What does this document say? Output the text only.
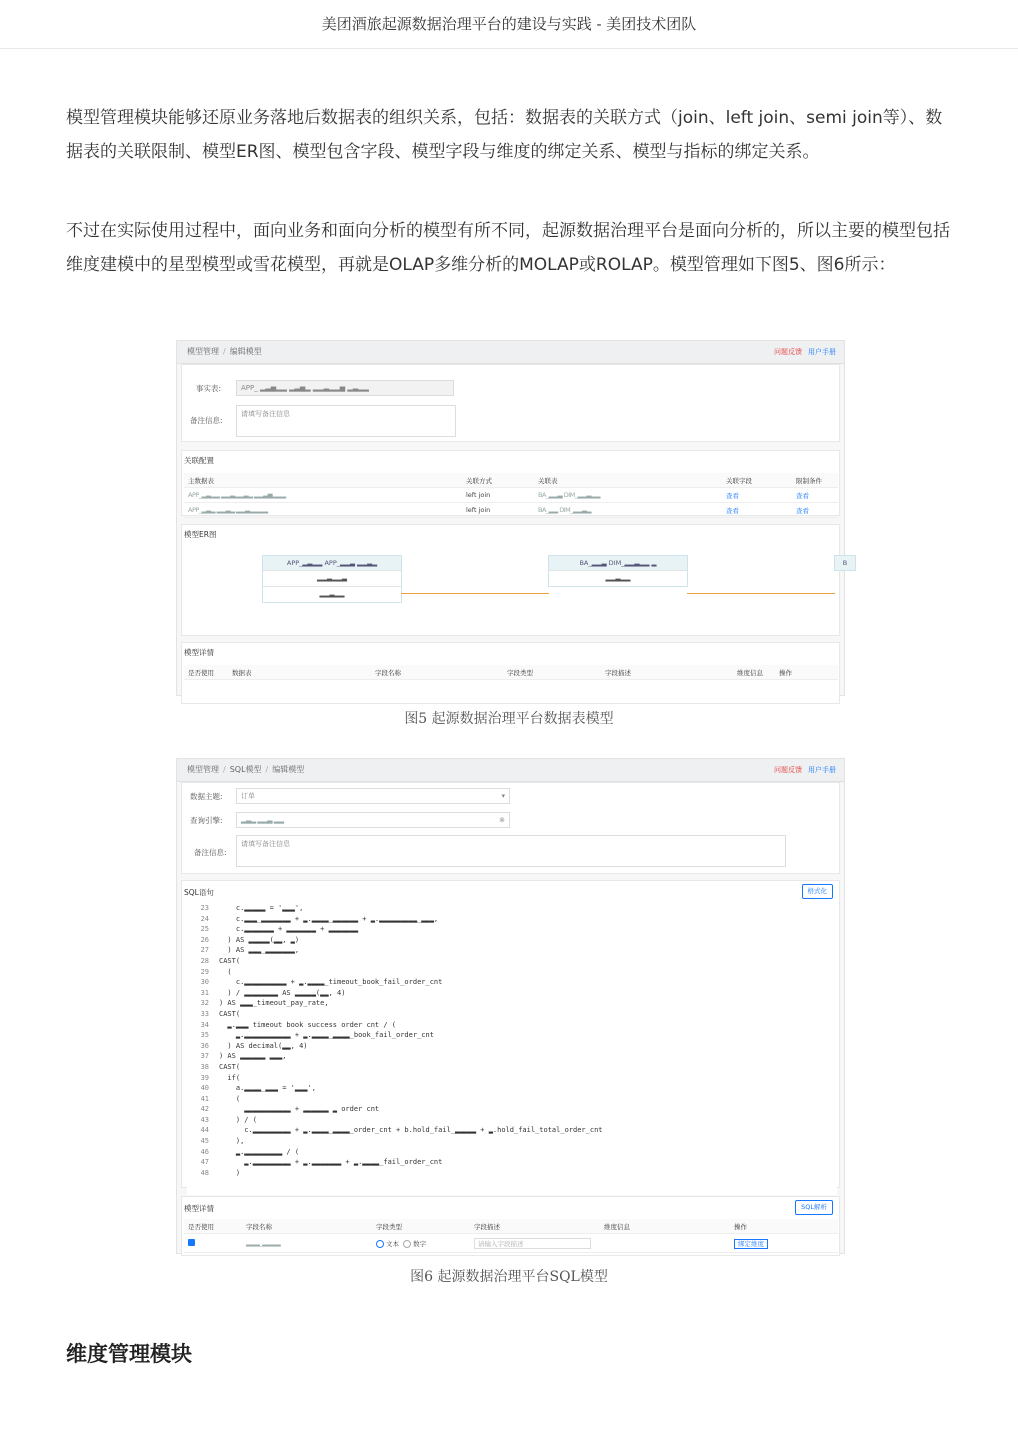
美团酒旅起源数据治理平台的建设与实践 - 美团技术团队
模型管理模块能够还原业务落地后数据表的组织关系，包括：数据表的关联方式（join、left join、semi join等）、数据表的关联限制、模型ER图、模型包含字段、模型字段与维度的绑定关系、模型与指标的绑定关系。
不过在实际使用过程中，面向业务和面向分析的模型有所不同，起源数据治理平台是面向分析的，所以主要的模型包括维度建模中的星型模型或雪花模型，再就是OLAP多维分析的MOLAP或ROLAP。模型管理如下图5、图6所示：
模型管理 / 编辑模型	问题反馈 用户手册
事实表:	APP_ ▂▃▅▂▂ ▂▃▅▂ ▂▂▃▂▂▅ ▂▃▂▂
备注信息:
请填写备注信息
关联配置
主数据表	关联方式	关联表	关联字段	限制条件
APP_▂▃▂▂ ▂▂▃▂▂▃▂ ▂▂▃▅▂▂▂	left join	BA_▂▂▃ DIM_▂▂▃▂▂	查看	查看
APP_▂▃▂ ▂▂▃▂ ▂▂▃▂▂▂▂	left join	BA_▂▂ DIM_▂▂▃▂	查看	查看
模型ER图
APP_▂▃▂▂ APP_▂▂▃ ▂▂▃▂
▂▂▃▂▂▃
▂▂▃▂▂
BA_▂▂▃ DIM_▂▂▃▂▂ ▂
▂▂▃▂▂
B
模型详情
是否使用	数据表	字段名称	字段类型	字段描述	维度信息	操作
图5 起源数据治理平台数据表模型
模型管理 / SQL模型 / 编辑模型	问题反馈 用户手册
数据主题:	订单	▾
查询引擎:	▂▃▂ ▂▂▃ ▂▂	⊗
备注信息:
请填写备注信息
SQL语句	格式化
23    c.▂▂▂▂▂ = '▂▂▂',
24    c.▂▂▂_▂▂▂▂▂▂▂ + ▂.▂▂▂▂_▂▂▂▂▂▂ + ▂.▂▂▂▂▂▂▂▂▂_▂▂▂,
25    c.▂▂▂▂▂▂▂ + ▂▂▂▂▂▂▂ + ▂▂▂▂▂▂▂
26  ) AS ▂▂▂▂▂(▂▂, ▂)
27  ) AS ▂▂▂_▂▂▂▂▂▂▂,
28 CAST(
29  (
30    c.▂▂▂▂▂▂▂▂▂▂ + ▂.▂▂▂▂_timeout_book_fail_order_cnt
31  ) / ▂▂▂▂▂▂▂▂ AS ▂▂▂▂▂(▂▂, 4)
32 ) AS ▂▂▂_timeout_pay_rate,
33 CAST(
34  ▂.▂▂▂ timeout book success order cnt / (
35    ▂.▂▂▂▂▂▂▂▂▂▂▂ + ▂.▂▂▂▂_▂▂▂▂_book_fail_order_cnt
36  ) AS decimal(▂▂, 4)
37 ) AS ▂▂▂▂▂▂ ▂▂▂,
38 CAST(
39  if(
40    a.▂▂▂▂_▂▂▂ = '▂▂▂',
41    (
42      ▂▂▂▂▂▂▂▂▂▂▂ + ▂▂▂▂▂▂ ▂ order cnt
43    ) / (
44      c.▂▂▂▂▂▂▂▂▂ + ▂.▂▂▂▂_▂▂▂▂_order_cnt + b.hold_fail_▂▂▂▂▂ + ▂.hold_fail_total_order_cnt
45    ),
46    ▂.▂▂▂▂▂▂▂▂▂ / (
47      ▂.▂▂▂▂▂▂▂▂▂ + ▂.▂▂▂▂▂▂▂ + ▂.▂▂▂▂_fail_order_cnt
48    )
模型详情	SQL解析
是否使用	字段名称	字段类型	字段描述	维度信息	操作
	▂▂▂_▂▂▂▂	文本 数字	请输入字段描述		绑定维度
图6 起源数据治理平台SQL模型
维度管理模块
